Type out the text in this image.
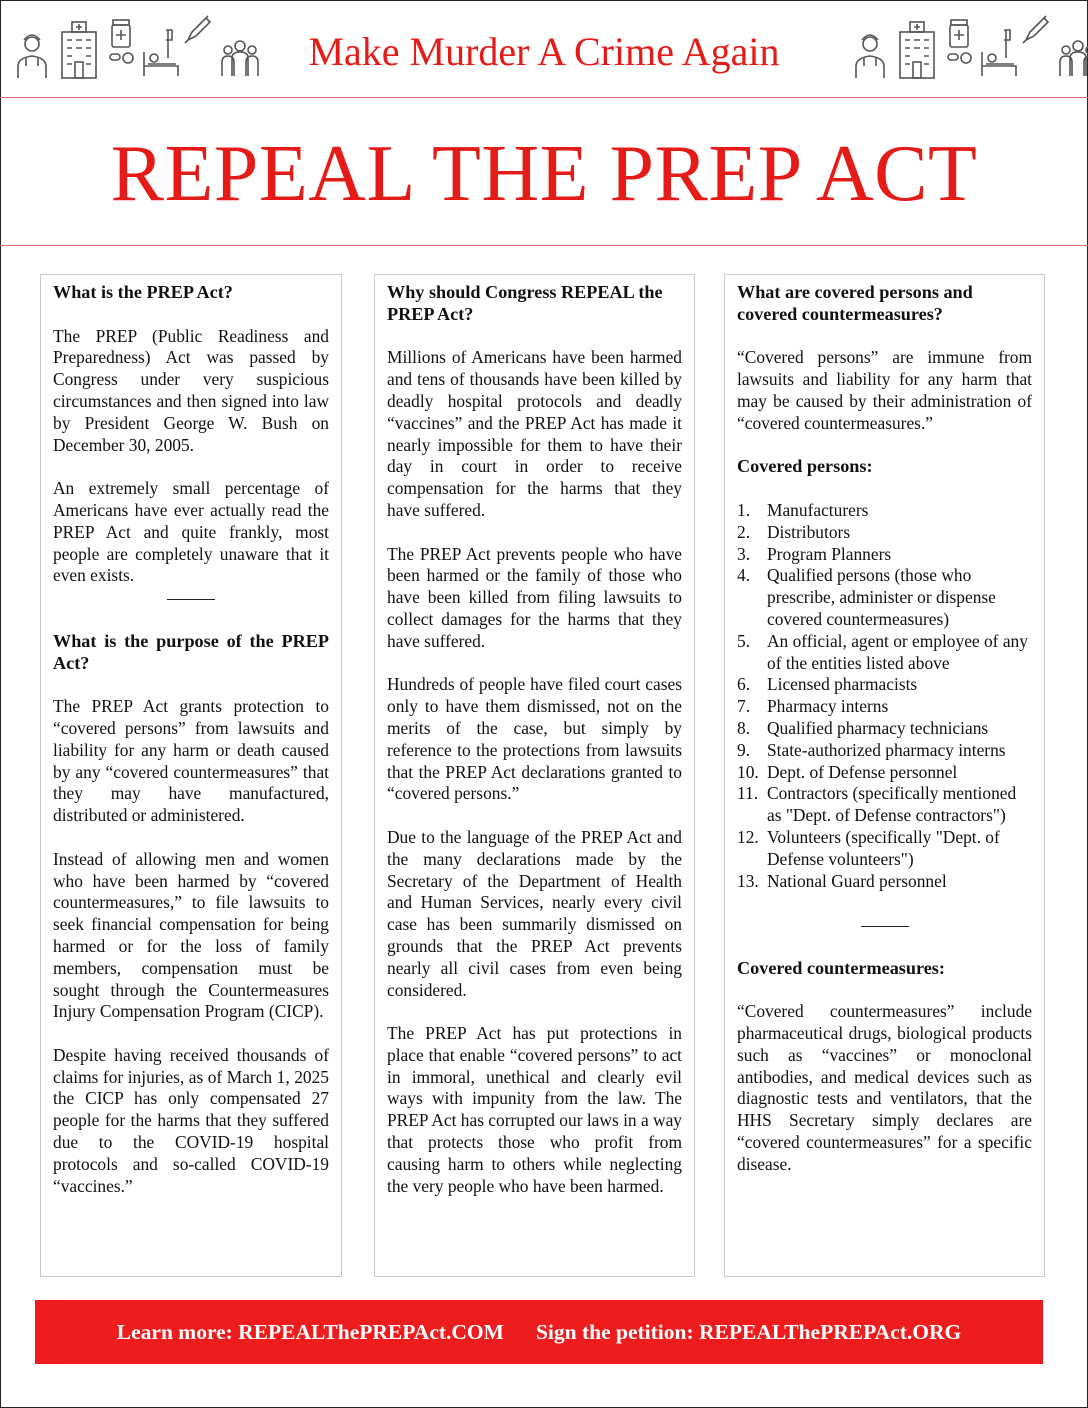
Make Murder A Crime Again
REPEAL THE PREP ACT
What is the PREP Act?

The PREP (Public Readiness and Preparedness) Act was passed by Congress under very suspicious circumstances and then signed into law by President George W. Bush on December 30, 2005.

An extremely small percentage of Americans have ever actually read the PREP Act and quite frankly, most people are completely unaware that it even exists.

What is the purpose of the PREP Act?

The PREP Act grants protection to “covered persons” from lawsuits and liability for any harm or death caused by any “covered countermeasures” that they may have manufactured, distributed or administered.

Instead of allowing men and women who have been harmed by “covered countermeasures,” to file lawsuits to seek financial compensation for being harmed or for the loss of family members, compensation must be sought through the Countermeasures Injury Compensation Program (CICP).

Despite having received thousands of claims for injuries, as of March 1, 2025 the CICP has only compensated 27 people for the harms that they suffered due to the COVID-19 hospital protocols and so-called COVID-19 “vaccines.”

Why should Congress REPEAL the PREP Act?

Millions of Americans have been harmed and tens of thousands have been killed by deadly hospital protocols and deadly “vaccines” and the PREP Act has made it nearly impossible for them to have their day in court in order to receive compensation for the harms that they have suffered.

The PREP Act prevents people who have been harmed or the family of those who have been killed from filing lawsuits to collect damages for the harms that they have suffered.

Hundreds of people have filed court cases only to have them dismissed, not on the merits of the case, but simply by reference to the protections from lawsuits that the PREP Act declarations granted to “covered persons.”

Due to the language of the PREP Act and the many declarations made by the Secretary of the Department of Health and Human Services, nearly every civil case has been summarily dismissed on grounds that the PREP Act prevents nearly all civil cases from even being considered.

The PREP Act has put protections in place that enable “covered persons” to act in immoral, unethical and clearly evil ways with impunity from the law. The PREP Act has corrupted our laws in a way that protects those who profit from causing harm to others while neglecting the very people who have been harmed.

What are covered persons and covered countermeasures?

“Covered persons” are immune from lawsuits and liability for any harm that may be caused by their administration of “covered countermeasures.”

Covered persons:
1. Manufacturers
2. Distributors
3. Program Planners
4. Qualified persons (those who prescribe, administer or dispense covered countermeasures)
5. An official, agent or employee of any of the entities listed above
6. Licensed pharmacists
7. Pharmacy interns
8. Qualified pharmacy technicians
9. State-authorized pharmacy interns
10. Dept. of Defense personnel
11. Contractors (specifically mentioned as "Dept. of Defense contractors")
12. Volunteers (specifically "Dept. of Defense volunteers")
13. National Guard personnel
Covered countermeasures:

“Covered countermeasures” include pharmaceutical drugs, biological products such as “vaccines” or monoclonal antibodies, and medical devices such as diagnostic tests and ventilators, that the HHS Secretary simply declares are “covered countermeasures” for a specific disease.

Learn more: REPEALThePREPAct.COM Sign the petition: REPEALThePREPAct.ORG
